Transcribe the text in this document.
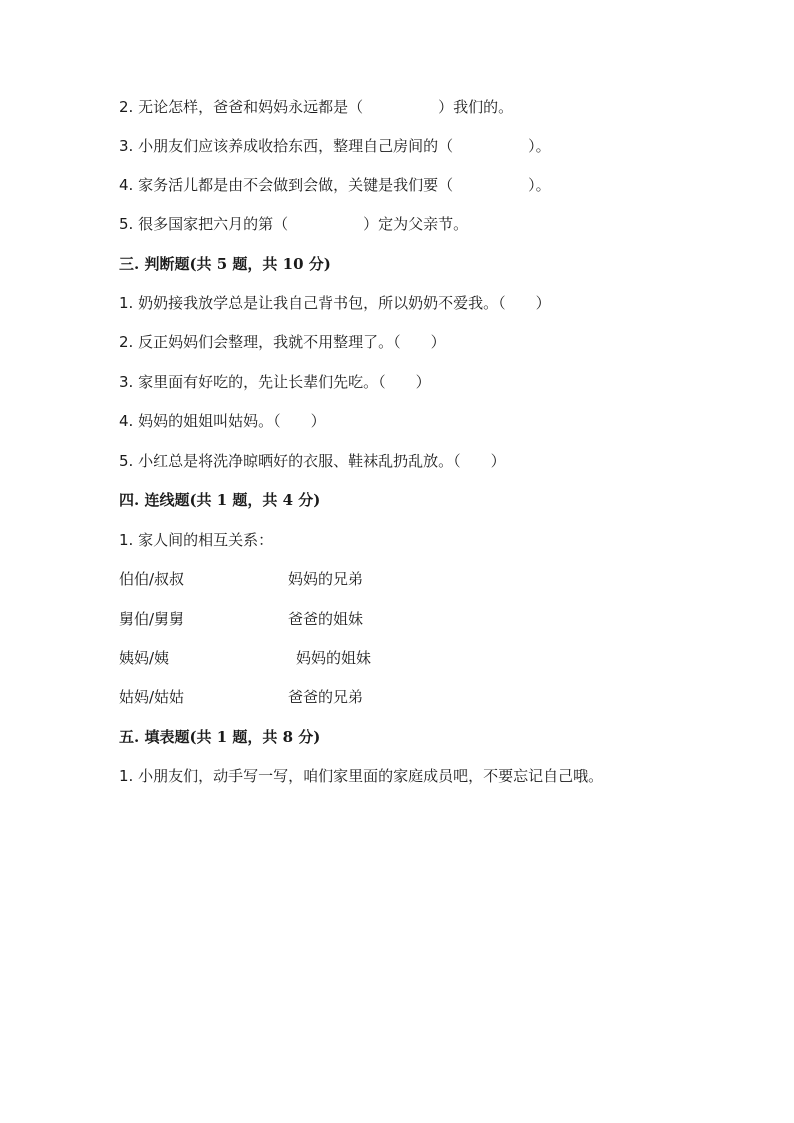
2. 无论怎样，爸爸和妈妈永远都是（　　　　　）我们的。
3. 小朋友们应该养成收拾东西，整理自己房间的（　　　　　）。
4. 家务活儿都是由不会做到会做，关键是我们要（　　　　　）。
5. 很多国家把六月的第（　　　　　）定为父亲节。
三. 判断题(共 5 题，共 10 分)
1. 奶奶接我放学总是让我自己背书包，所以奶奶不爱我。（　　）
2. 反正妈妈们会整理，我就不用整理了。（　　）
3. 家里面有好吃的，先让长辈们先吃。（　　）
4. 妈妈的姐姐叫姑妈。（　　）
5. 小红总是将洗净晾晒好的衣服、鞋袜乱扔乱放。（　　）
四. 连线题(共 1 题，共 4 分)
1. 家人间的相互关系：
伯伯/叔叔	妈妈的兄弟
舅伯/舅舅	爸爸的姐妹
姨妈/姨	妈妈的姐妹
姑妈/姑姑	爸爸的兄弟
五. 填表题(共 1 题，共 8 分)
1. 小朋友们，动手写一写，咱们家里面的家庭成员吧，不要忘记自己哦。
